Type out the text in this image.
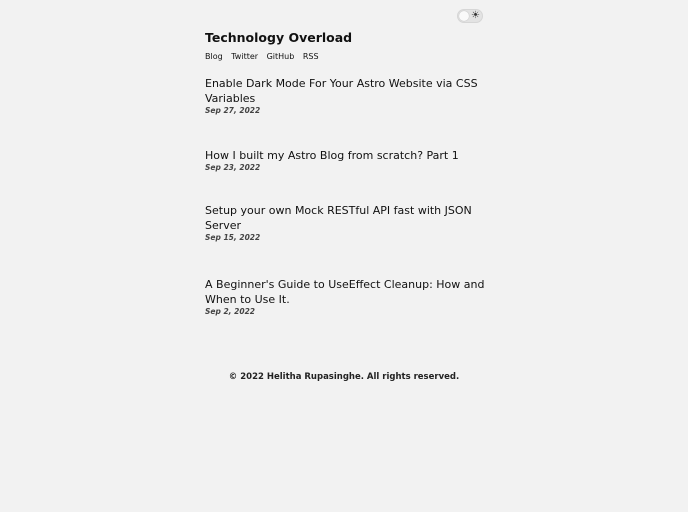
☀
Technology Overload
Blog Twitter GitHub RSS
Enable Dark Mode For Your Astro Website via CSS Variables
Sep 27, 2022
How I built my Astro Blog from scratch? Part 1
Sep 23, 2022
Setup your own Mock RESTful API fast with JSON Server
Sep 15, 2022
A Beginner's Guide to UseEffect Cleanup: How and When to Use It.
Sep 2, 2022
© 2022 Helitha Rupasinghe. All rights reserved.
